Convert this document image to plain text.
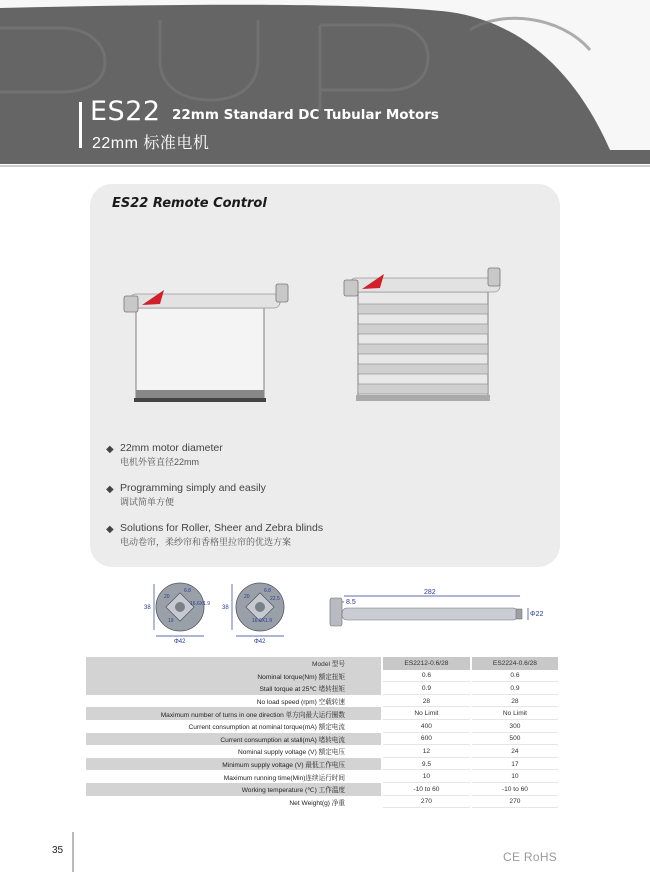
ES22 22mm Standard DC Tubular Motors
22mm 标准电机
ES22 Remote Control
◆ 22mm motor diameter
电机外管直径22mm
◆ Programming simply and easily
调试简单方便
◆ Solutions for Roller, Sheer and Zebra blinds
电动卷帘，柔纱帘和香格里拉帘的优选方案
38
6.8
20
16.6X1.9
19
Φ42
38
6.8
20	22.5
16.6X1.9
Φ42
282
8.5
Φ22
Model 型号	ES2212-0.6/28	ES2224-0.6/28
Nominal torque(Nm) 额定扭矩	0.6	0.6
Stall torque at 25℃ 堵转扭矩	0.9	0.9
No load speed (rpm) 空载转速	28	28
Maximum number of turns in one direction 单方向最大运行圈数	No Limit	No Limit
Current consumption at nominal torque(mA) 额定电流	400	300
Current consumption at stall(mA) 堵转电流	600	500
Nominal supply voltage (V) 额定电压	12	24
Minimum supply voltage (V) 最低工作电压	9.5	17
Maximum running time(Min)连续运行时间	10	10
Working temperature (℃) 工作温度	-10 to 60	-10 to 60
Net Weight(g) 净重	270	270
35	CE RoHS
